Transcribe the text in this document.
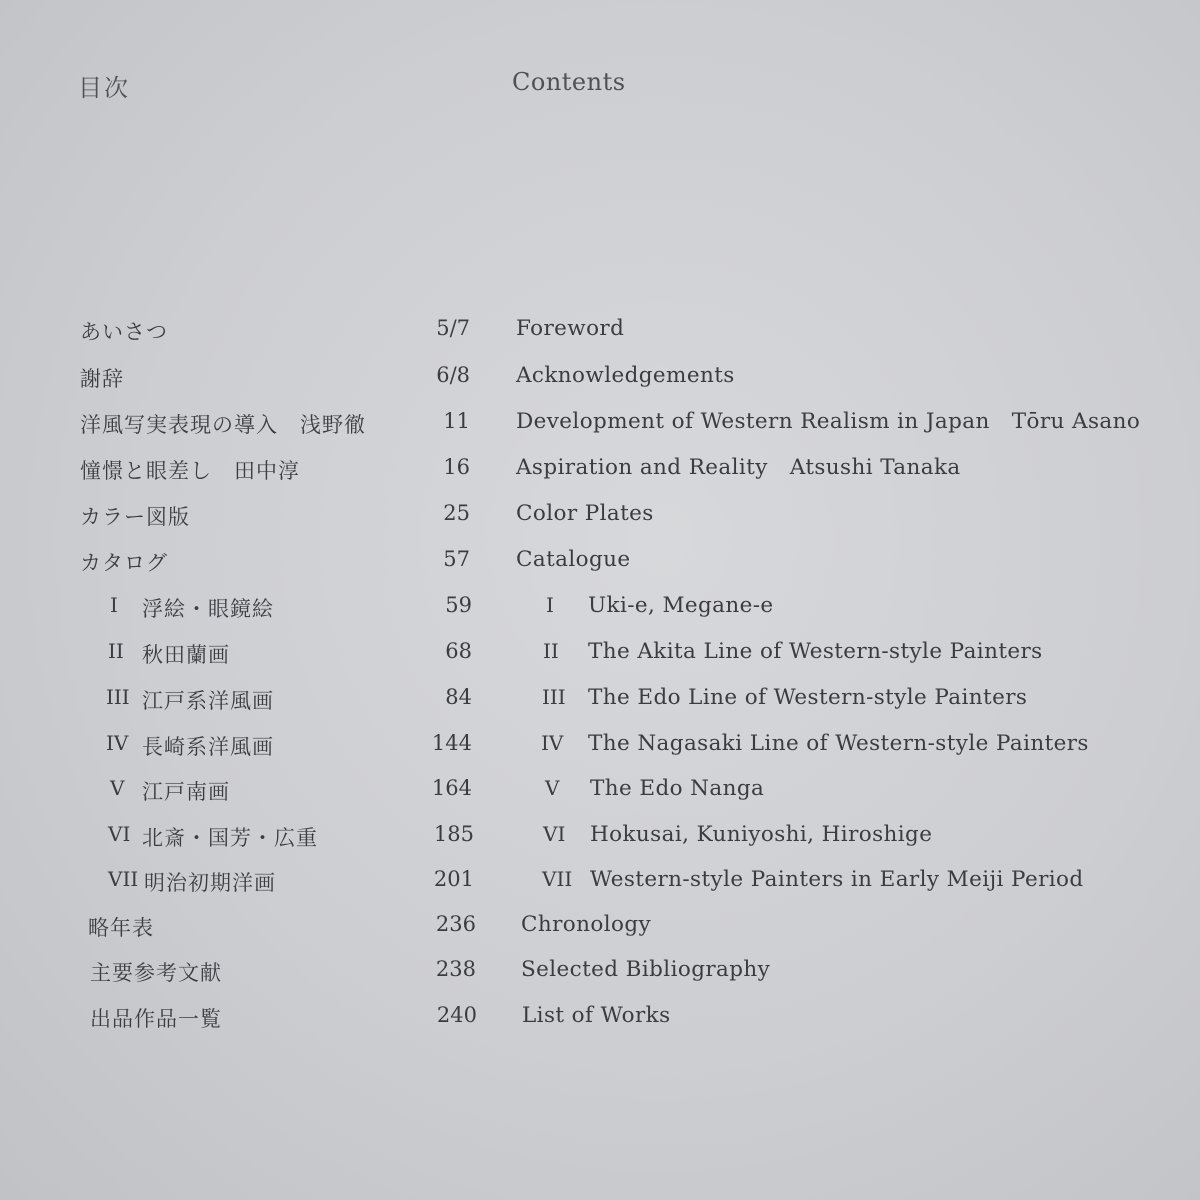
目次	Contents
あいさつ	5/7 Foreword
謝辞	6/8 Acknowledgements
洋風写実表現の導入 浅野徹	11 Development of Western Realism in Japan Tōru Asano
憧憬と眼差し 田中淳	16 Aspiration and Reality Atsushi Tanaka
カラー図版	25 Color Plates
カタログ	57 Catalogue
I 浮絵・眼鏡絵	59	I Uki-e, Megane-e
II 秋田蘭画	68	II The Akita Line of Western-style Painters
III 江戸系洋風画	84	III The Edo Line of Western-style Painters
IV 長崎系洋風画	144	IV The Nagasaki Line of Western-style Painters
V 江戸南画	164	V The Edo Nanga
VI 北斎・国芳・広重	185	VI Hokusai, Kuniyoshi, Hiroshige
VII 明治初期洋画	201	VII Western-style Painters in Early Meiji Period
略年表	236 Chronology
主要参考文献	238 Selected Bibliography
出品作品一覧	240 List of Works
